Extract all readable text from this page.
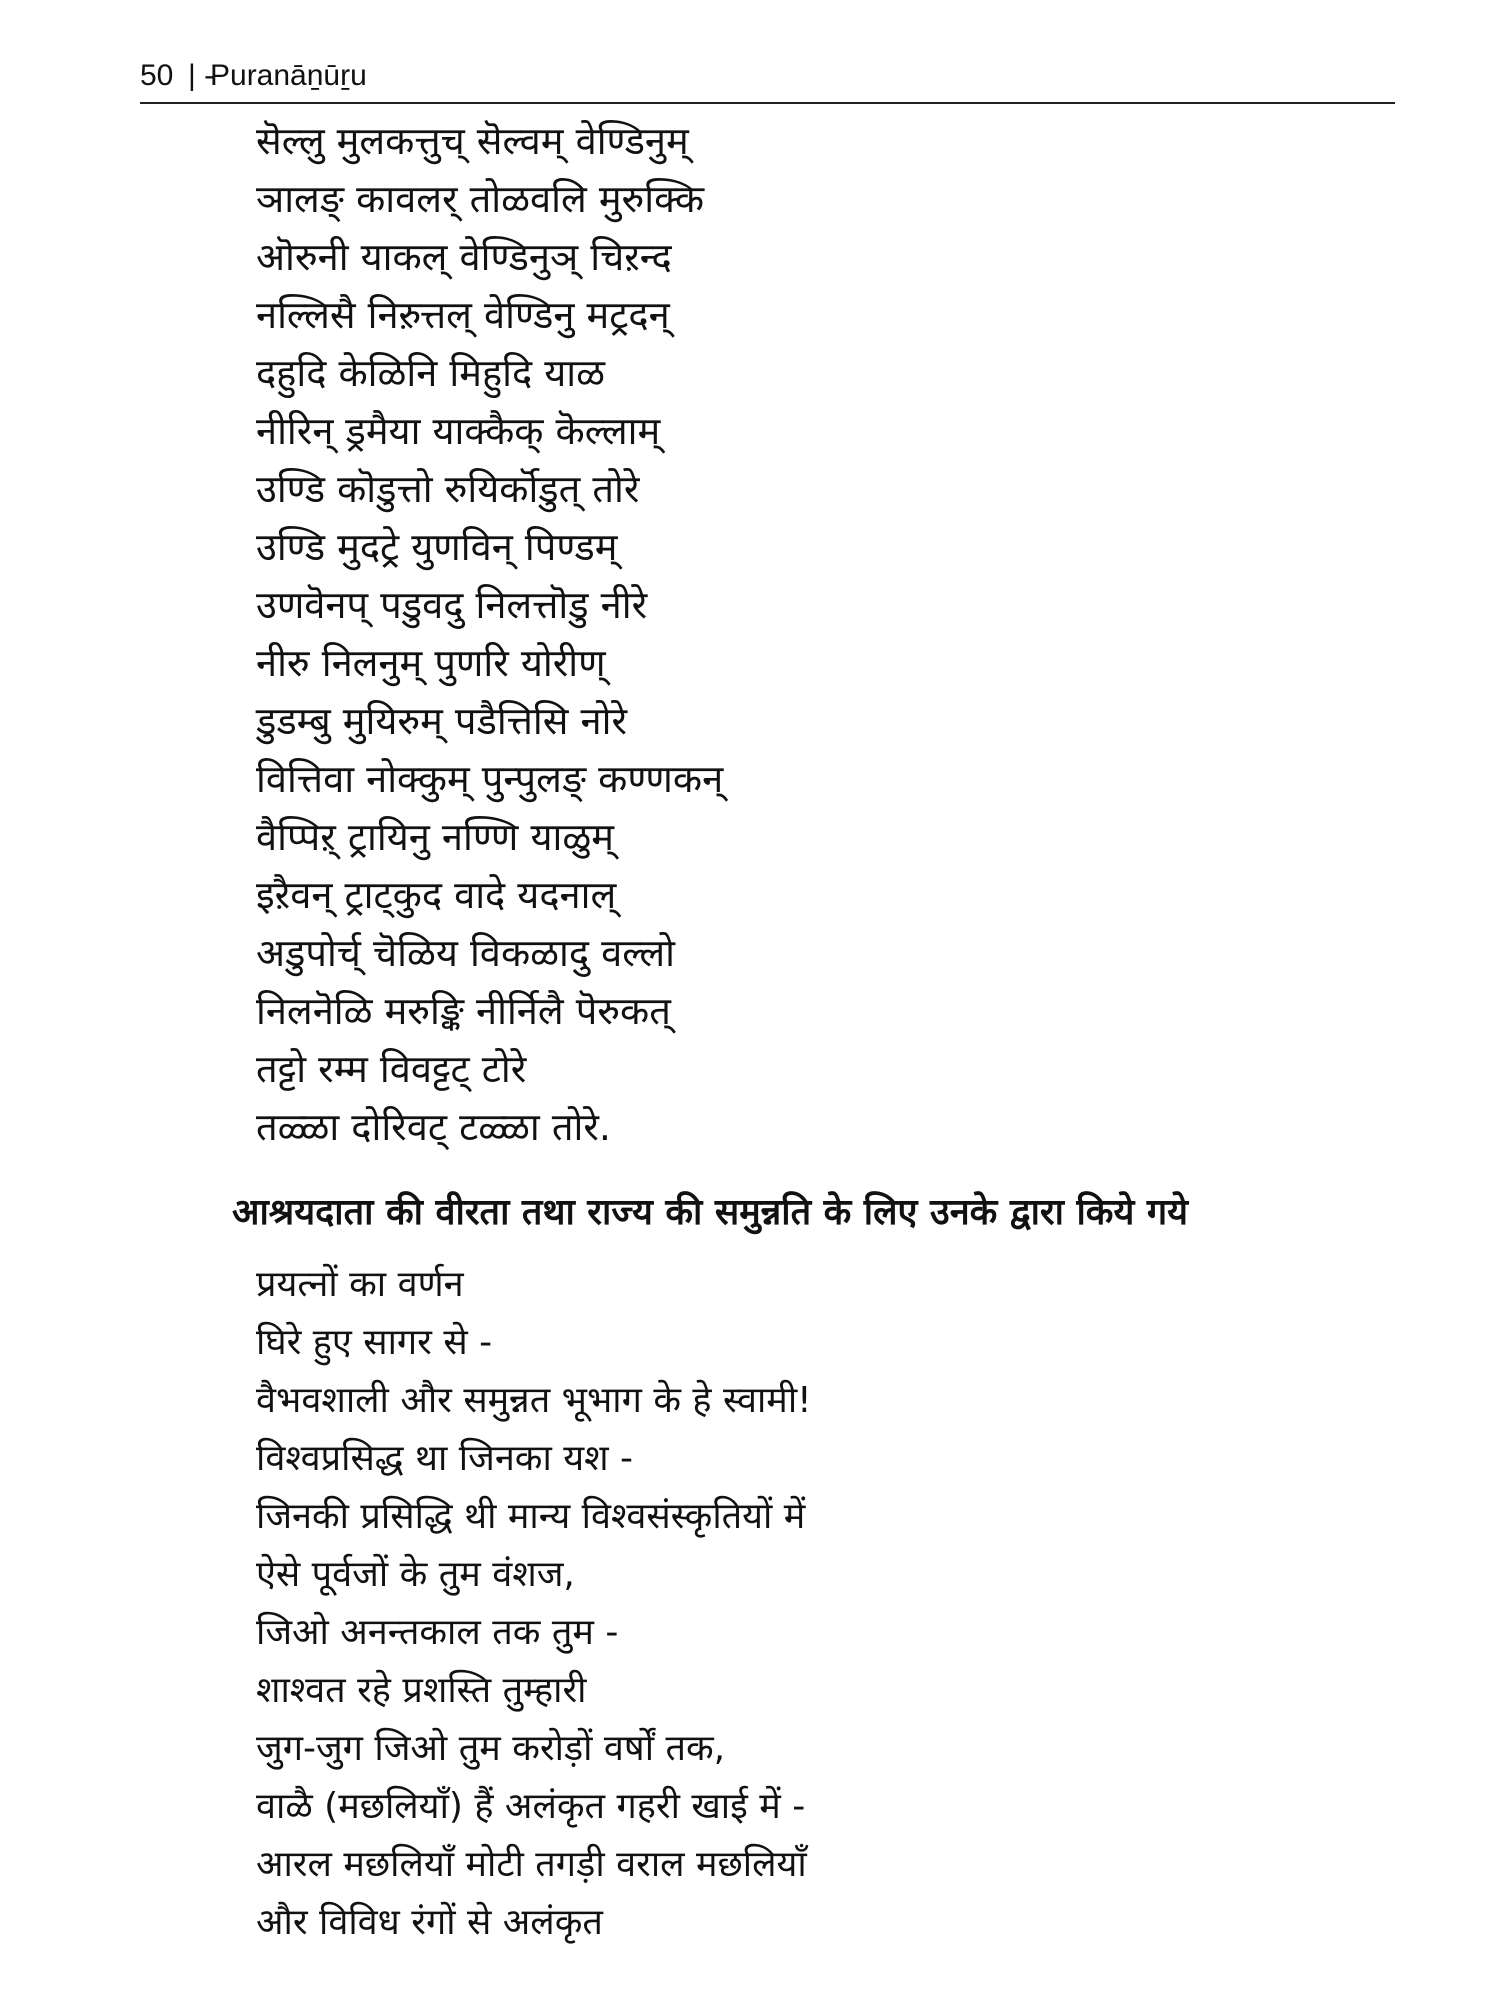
50 | -
Puranāṉūṟu
सॆल्लु मुलकत्तुच् सॆल्वम् वेण्डिनुम्
ञालङ् कावलर् तोळवलि मुरुक्कि
ऒरुनी याकल् वेण्डिनुञ् चिऱन्द
नल्लिसै निऱुत्तल् वेण्डिनु मट्रदन्
दहुदि केळिनि मिहुदि याळ
नीरिन् ड्रमैया याक्कैक् कॆल्लाम्
उण्डि कॊडुत्तो रुयिर्कॊडुत् तोरे
उण्डि मुदट्रे युणविन् पिण्डम्
उणवॆनप् पडुवदु निलत्तॊडु नीरे
नीरु निलनुम् पुणरि योरीण्
डुडम्बु मुयिरुम् पडैत्तिसि नोरे
वित्तिवा नोक्कुम् पुन्पुलङ् कण्णकन्
वैप्पिऱ् ट्रायिनु नण्णि याळुम्
इऱैवन् ट्राट्कुद वादे यदनाल्
अडुपोर्च् चॆळिय विकळादु वल्लो
निलनॆळि मरुङ्कि नीर्निलै पॆरुकत्
तट्टो रम्म विवट्टट् टोरे
तळ्ळा दोरिवट् टळ्ळा तोरे.
आश्रयदाता की वीरता तथा राज्य की समुन्नति के लिए उनके द्वारा किये गये
प्रयत्नों का वर्णन
घिरे हुए सागर से -
वैभवशाली और समुन्नत भूभाग के हे स्वामी!
विश्वप्रसिद्ध था जिनका यश -
जिनकी प्रसिद्धि थी मान्य विश्वसंस्कृतियों में
ऐसे पूर्वजों के तुम वंशज,
जिओ अनन्तकाल तक तुम -
शाश्वत रहे प्रशस्ति तुम्हारी
जुग-जुग जिओ तुम करोड़ों वर्षों तक,
वाळै (मछलियाँ) हैं अलंकृत गहरी खाई में -
आरल मछलियाँ मोटी तगड़ी वराल मछलियाँ
और विविध रंगों से अलंकृत
